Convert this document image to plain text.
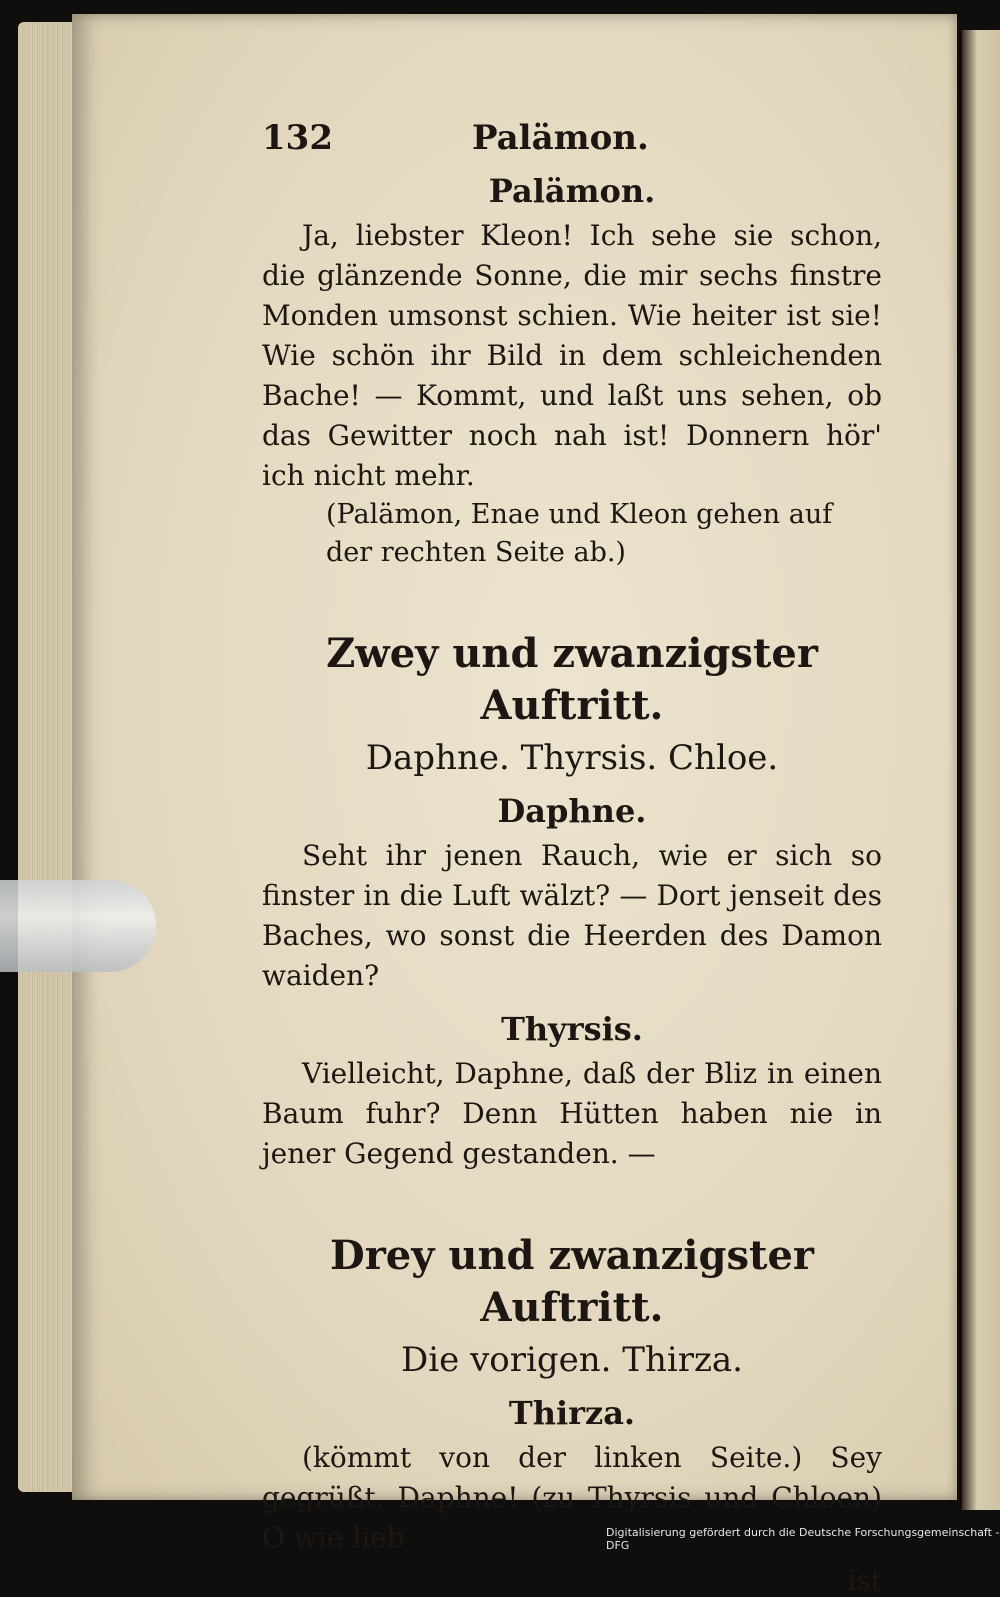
132	Palämon.
Palämon.
Ja, liebster Kleon! Ich sehe sie schon, die glänzende Sonne, die mir sechs finstre Monden umsonst schien. Wie heiter ist sie! Wie schön ihr Bild in dem schleichenden Bache! — Kommt, und laßt uns sehen, ob das Gewitter noch nah ist! Donnern hör' ich nicht mehr.
(Palämon, Enae und Kleon gehen auf der rechten Seite ab.)
Zwey und zwanzigster Auftritt.
Daphne. Thyrsis. Chloe.
Daphne.
Seht ihr jenen Rauch, wie er sich so finster in die Luft wälzt? — Dort jenseit des Baches, wo sonst die Heerden des Damon waiden?
Thyrsis.
Vielleicht, Daphne, daß der Bliz in einen Baum fuhr? Denn Hütten haben nie in jener Gegend gestanden. —
Drey und zwanzigster Auftritt.
Die vorigen. Thirza.
Thirza.
(kömmt von der linken Seite.) Sey gegrüßt, Daphne! (zu Thyrsis und Chloen) O wie lieb
ist
Digitalisierung gefördert durch die Deutsche Forschungsgemeinschaft - DFG
